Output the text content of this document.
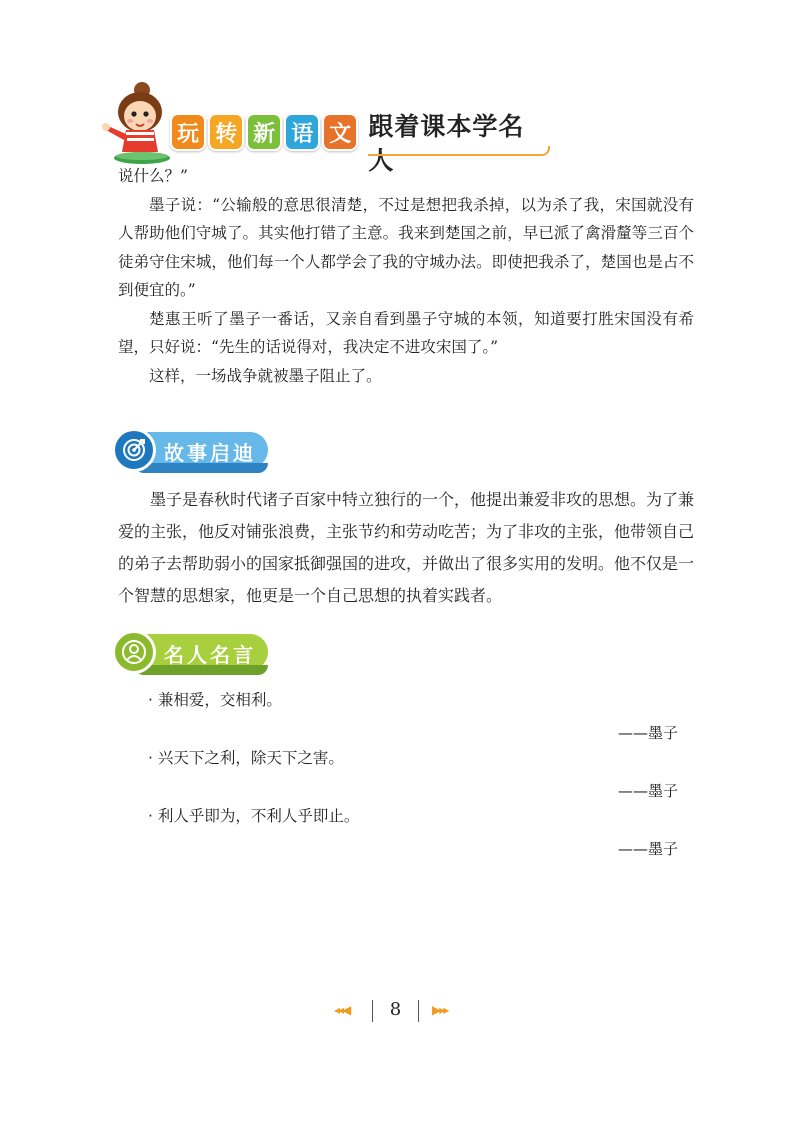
玩 转 新 语 文 跟着课本学名人

说什么？”

墨子说：“公输般的意思很清楚，不过是想把我杀掉，以为杀了我，宋国就没有人帮助他们守城了。其实他打错了主意。我来到楚国之前，早已派了禽滑釐等三百个徒弟守住宋城，他们每一个人都学会了我的守城办法。即使把我杀了，楚国也是占不到便宜的。”

楚惠王听了墨子一番话，又亲自看到墨子守城的本领，知道要打胜宋国没有希望，只好说：“先生的话说得对，我决定不进攻宋国了。”

这样，一场战争就被墨子阻止了。

故事启迪

墨子是春秋时代诸子百家中特立独行的一个，他提出兼爱非攻的思想。为了兼爱的主张，他反对铺张浪费，主张节约和劳动吃苦；为了非攻的主张，他带领自己的弟子去帮助弱小的国家抵御强国的进攻，并做出了很多实用的发明。他不仅是一个智慧的思想家，他更是一个自己思想的执着实践者。

名人名言
· 兼相爱，交相利。
——墨子
· 兴天下之利，除天下之害。
——墨子
· 利人乎即为，不利人乎即止。
——墨子
◂◂◀	8	▶▸▸
